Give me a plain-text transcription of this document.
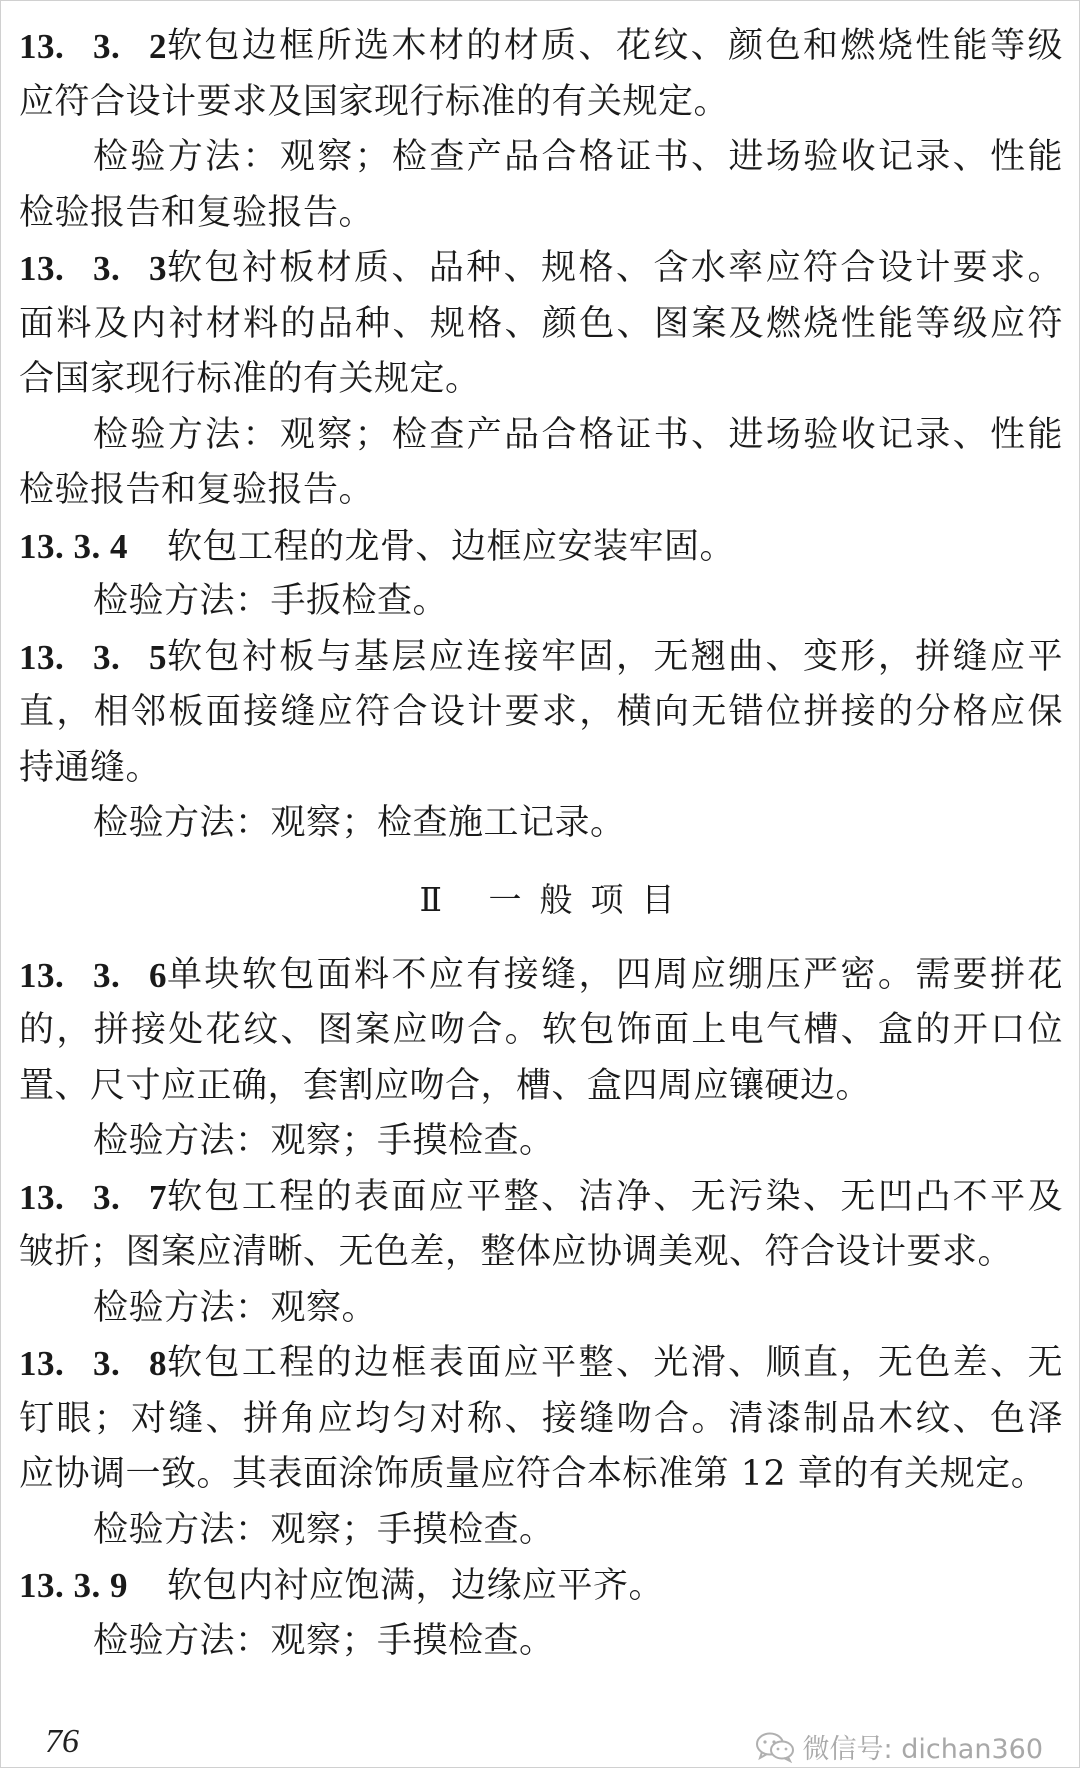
13. 3. 2 软包边框所选木材的材质、花纹、颜色和燃烧性能等级
应符合设计要求及国家现行标准的有关规定。
检验方法：观察；检查产品合格证书、进场验收记录、性能
检验报告和复验报告。
13. 3. 3 软包衬板材质、品种、规格、含水率应符合设计要求。
面料及内衬材料的品种、规格、颜色、图案及燃烧性能等级应符
合国家现行标准的有关规定。
检验方法：观察；检查产品合格证书、进场验收记录、性能
检验报告和复验报告。
13. 3. 4 软包工程的龙骨、边框应安装牢固。
检验方法：手扳检查。
13. 3. 5 软包衬板与基层应连接牢固，无翘曲、变形，拼缝应平
直，相邻板面接缝应符合设计要求，横向无错位拼接的分格应保
持通缝。
检验方法：观察；检查施工记录。
Ⅱ 一般项目
13. 3. 6 单块软包面料不应有接缝，四周应绷压严密。需要拼花
的，拼接处花纹、图案应吻合。软包饰面上电气槽、盒的开口位
置、尺寸应正确，套割应吻合，槽、盒四周应镶硬边。
检验方法：观察；手摸检查。
13. 3. 7 软包工程的表面应平整、洁净、无污染、无凹凸不平及
皱折；图案应清晰、无色差，整体应协调美观、符合设计要求。
检验方法：观察。
13. 3. 8 软包工程的边框表面应平整、光滑、顺直，无色差、无
钉眼；对缝、拼角应均匀对称、接缝吻合。清漆制品木纹、色泽
应协调一致。其表面涂饰质量应符合本标准第 12 章的有关规定。
检验方法：观察；手摸检查。
13. 3. 9 软包内衬应饱满，边缘应平齐。
检验方法：观察；手摸检查。
76	微信号: dichan360
